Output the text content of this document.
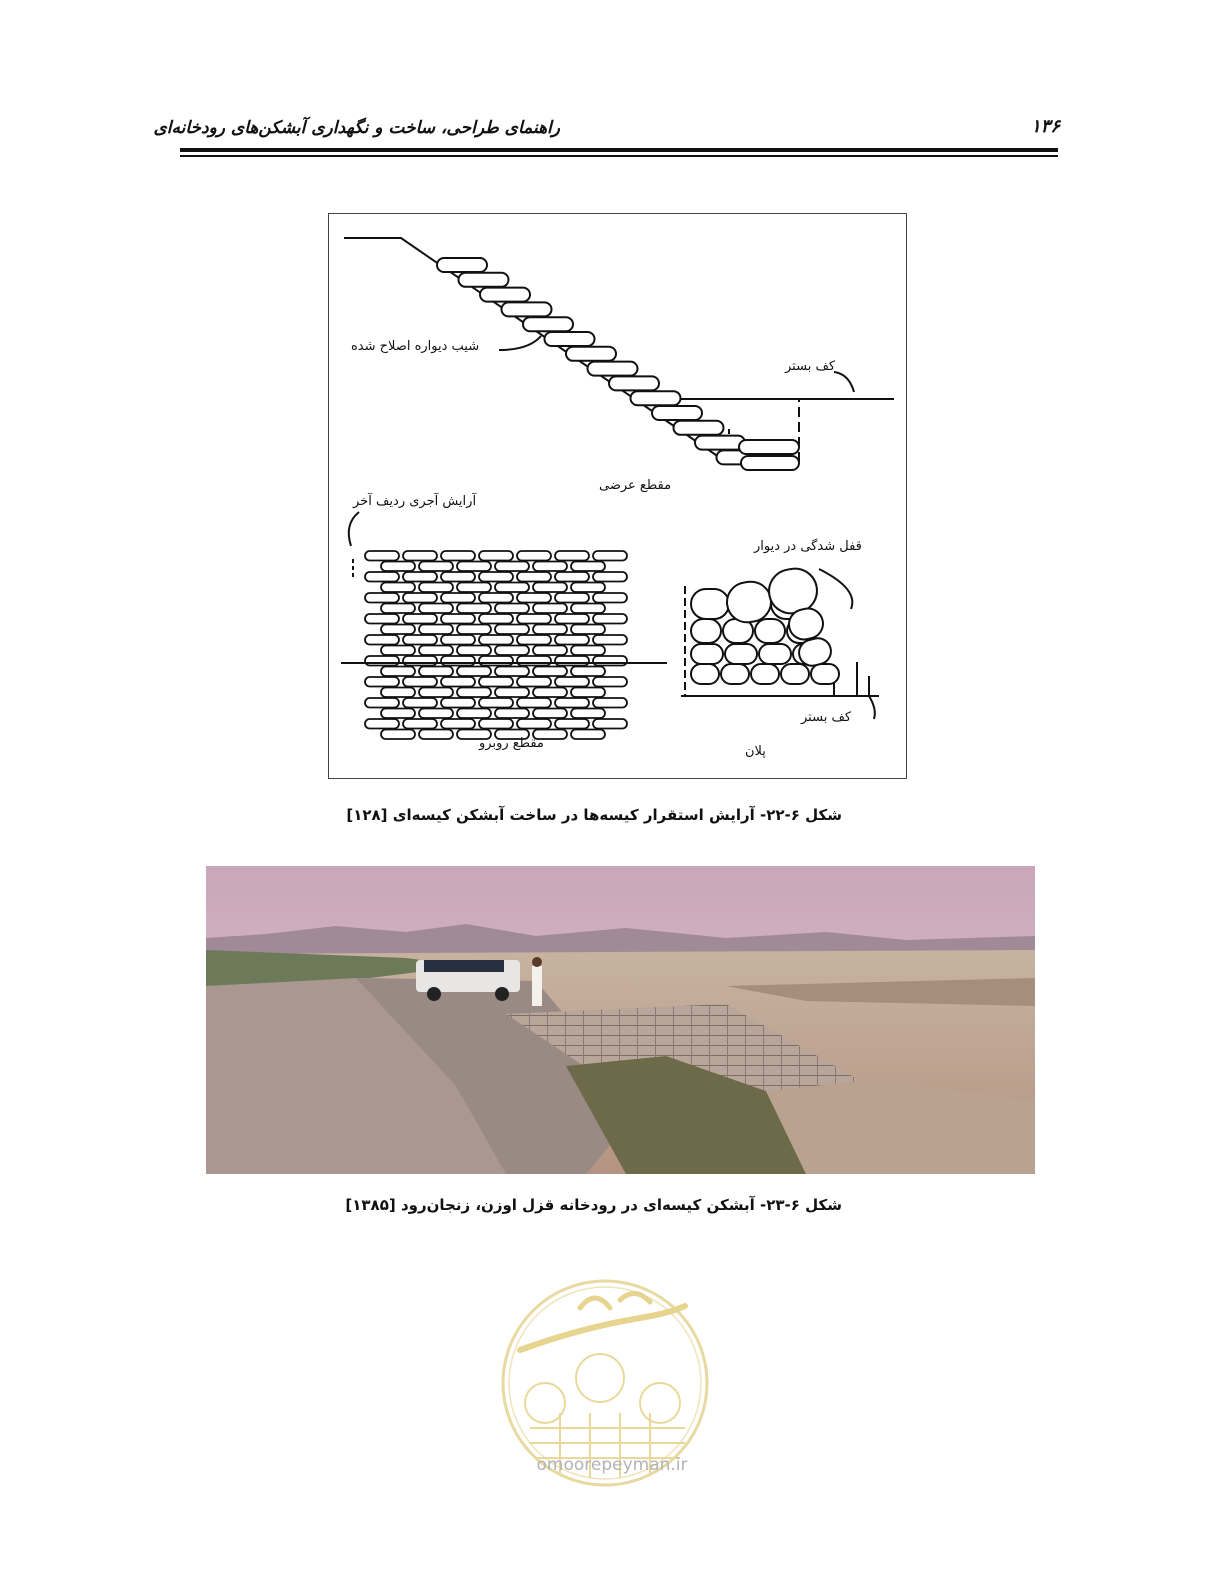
راهنمای طراحی، ساخت و نگهداری آبشکن‌های رودخانه‌ای	۱۳۶
شیب دیواره اصلاح شده
کف بستر
مقطع عرضی
آرایش آجری ردیف آخر
قفل شدگی در دیوار
کف بستر
مقطع روبرو
پلان
شکل ۶-۲۲- آرایش استقرار کیسه‌ها در ساخت آبشکن کیسه‌ای [۱۲۸]
شکل ۶-۲۳- آبشکن کیسه‌ای در رودخانه قزل اوزن، زنجان‌رود [۱۳۸۵]
omoorepeyman.ir
